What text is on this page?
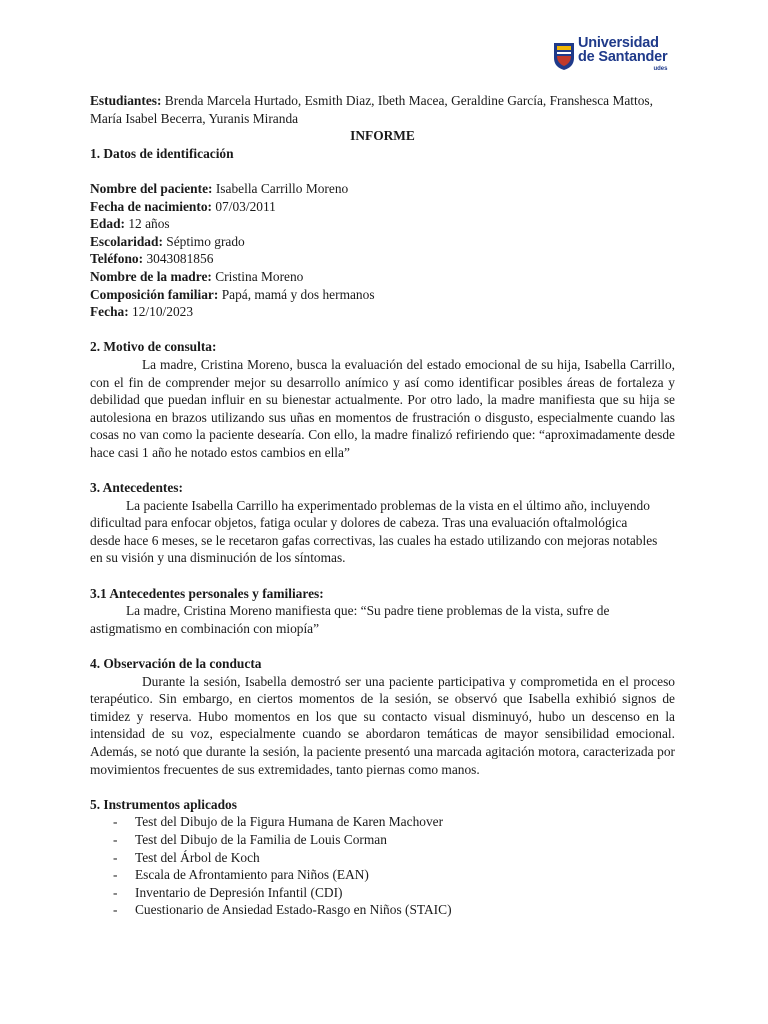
Universidad
de Santander
udes

Estudiantes: Brenda Marcela Hurtado, Esmith Diaz, Ibeth Macea, Geraldine García, Franshesca Mattos, María Isabel Becerra, Yuranis Miranda

INFORME

1. Datos de identificación

Nombre del paciente: Isabella Carrillo Moreno

Fecha de nacimiento: 07/03/2011

Edad: 12 años

Escolaridad: Séptimo grado

Teléfono: 3043081856

Nombre de la madre: Cristina Moreno

Composición familiar: Papá, mamá y dos hermanos

Fecha: 12/10/2023

2. Motivo de consulta:

La madre, Cristina Moreno, busca la evaluación del estado emocional de su hija, Isabella Carrillo, con el fin de comprender mejor su desarrollo anímico y así como identificar posibles áreas de fortaleza y debilidad que puedan influir en su bienestar actualmente. Por otro lado, la madre manifiesta que su hija se autolesiona en brazos utilizando sus uñas en momentos de frustración o disgusto, especialmente cuando las cosas no van como la paciente desearía. Con ello, la madre finalizó refiriendo que: “aproximadamente desde hace casi 1 año he notado estos cambios en ella”

3. Antecedentes:

La paciente Isabella Carrillo ha experimentado problemas de la vista en el último año, incluyendo

dificultad para enfocar objetos, fatiga ocular y dolores de cabeza. Tras una evaluación oftalmológica

desde hace 6 meses, se le recetaron gafas correctivas, las cuales ha estado utilizando con mejoras notables

en su visión y una disminución de los síntomas.

3.1 Antecedentes personales y familiares:

La madre, Cristina Moreno manifiesta que: “Su padre tiene problemas de la vista, sufre de

astigmatismo en combinación con miopía”

4. Observación de la conducta

Durante la sesión, Isabella demostró ser una paciente participativa y comprometida en el proceso terapéutico. Sin embargo, en ciertos momentos de la sesión, se observó que Isabella exhibió signos de timidez y reserva. Hubo momentos en los que su contacto visual disminuyó, hubo un descenso en la intensidad de su voz, especialmente cuando se abordaron temáticas de mayor sensibilidad emocional. Además, se notó que durante la sesión, la paciente presentó una marcada agitación motora, caracterizada por movimientos frecuentes de sus extremidades, tanto piernas como manos.

5. Instrumentos aplicados

-	Test del Dibujo de la Figura Humana de Karen Machover
-	Test del Dibujo de la Familia de Louis Corman
-	Test del Árbol de Koch
-	Escala de Afrontamiento para Niños (EAN)
-	Inventario de Depresión Infantil (CDI)
-	Cuestionario de Ansiedad Estado-Rasgo en Niños (STAIC)
